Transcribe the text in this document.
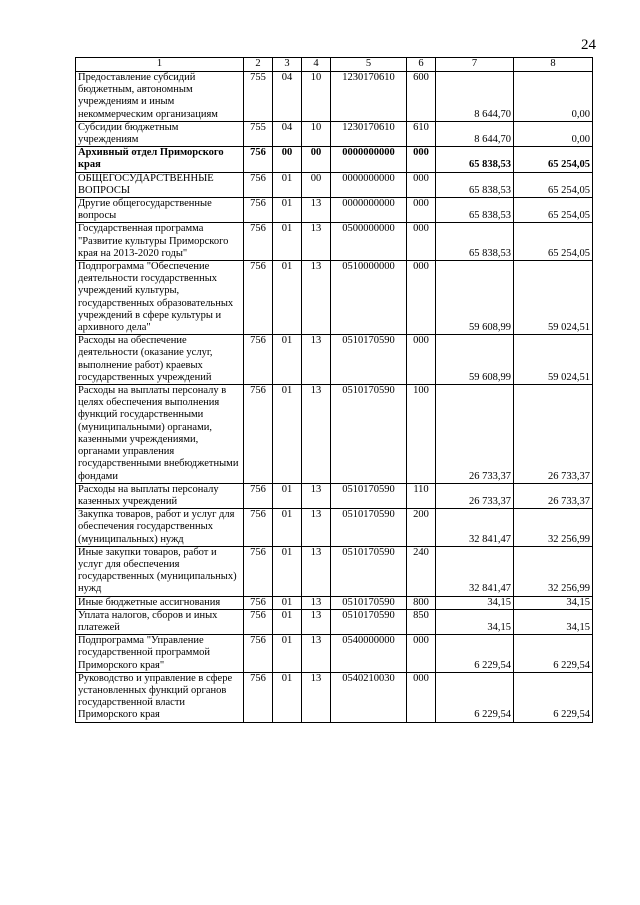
24
1	2	3	4	5	6	7	8
Предоставление субсидий бюджетным, автономным учреждениям и иным некоммерческим организациям	755	04	10	1230170610	600	8 644,70	0,00
Субсидии бюджетным учреждениям	755	04	10	1230170610	610	8 644,70	0,00
Архивный отдел Приморского края	756	00	00	0000000000	000	65 838,53	65 254,05
ОБЩЕГОСУДАРСТВЕННЫЕ ВОПРОСЫ	756	01	00	0000000000	000	65 838,53	65 254,05
Другие общегосударственные вопросы	756	01	13	0000000000	000	65 838,53	65 254,05
Государственная программа "Развитие культуры Приморского края на 2013-2020 годы"	756	01	13	0500000000	000	65 838,53	65 254,05
Подпрограмма "Обеспечение деятельности государственных учреждений культуры, государственных образовательных учреждений в сфере культуры и архивного дела"	756	01	13	0510000000	000	59 608,99	59 024,51
Расходы на обеспечение деятельности (оказание услуг, выполнение работ) краевых государственных учреждений	756	01	13	0510170590	000	59 608,99	59 024,51
Расходы на выплаты персоналу в целях обеспечения выполнения функций государственными (муниципальными) органами, казенными учреждениями, органами управления государственными внебюджетными фондами	756	01	13	0510170590	100	26 733,37	26 733,37
Расходы на выплаты персоналу казенных учреждений	756	01	13	0510170590	110	26 733,37	26 733,37
Закупка товаров, работ и услуг для обеспечения государственных (муниципальных) нужд	756	01	13	0510170590	200	32 841,47	32 256,99
Иные закупки товаров, работ и услуг для обеспечения государственных (муниципальных) нужд	756	01	13	0510170590	240	32 841,47	32 256,99
Иные бюджетные ассигнования	756	01	13	0510170590	800	34,15	34,15
Уплата налогов, сборов и иных платежей	756	01	13	0510170590	850	34,15	34,15
Подпрограмма "Управление государственной программой Приморского края"	756	01	13	0540000000	000	6 229,54	6 229,54
Руководство и управление в сфере установленных функций органов государственной власти Приморского края	756	01	13	0540210030	000	6 229,54	6 229,54
